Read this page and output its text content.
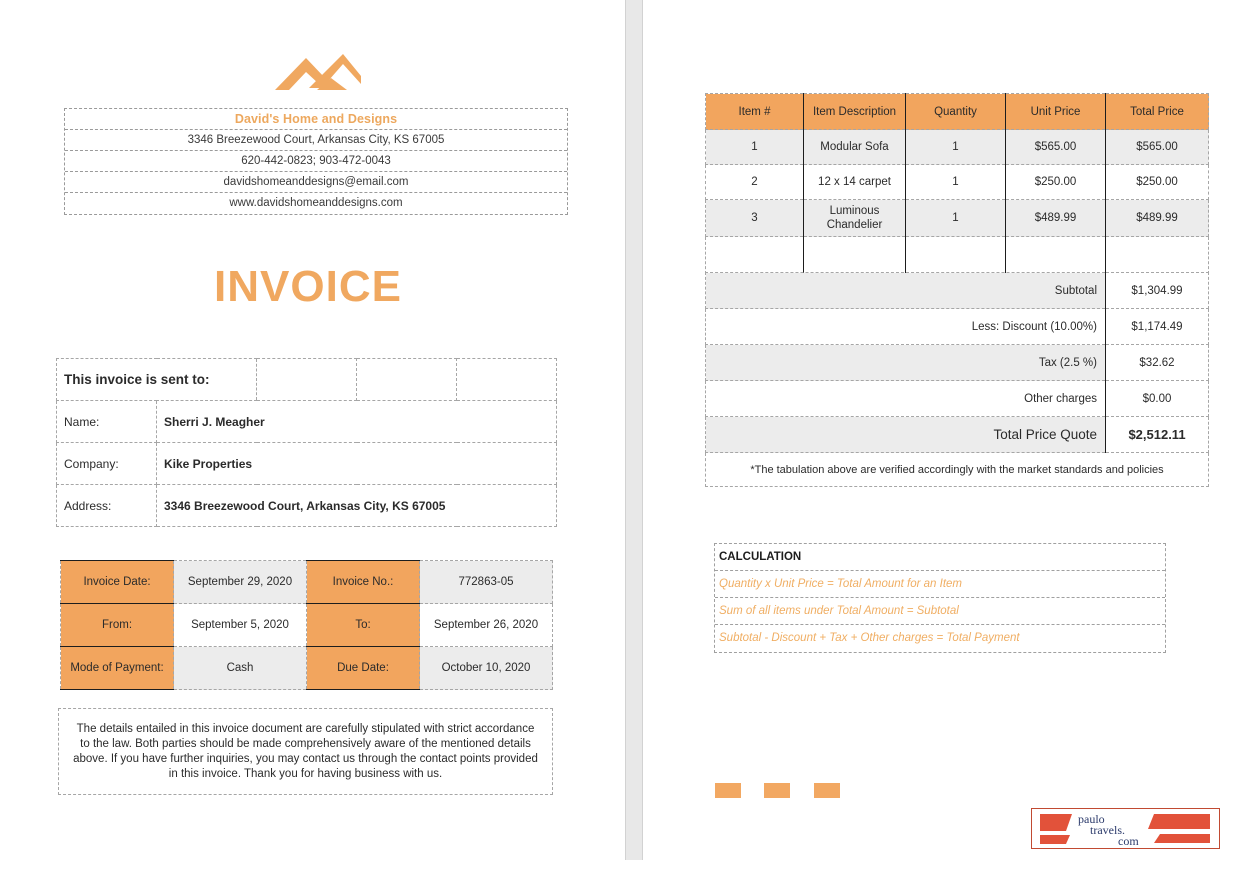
David's Home and Designs
3346 Breezewood Court, Arkansas City, KS 67005
620-442-0823; 903-472-0043
davidshomeanddesigns@email.com
www.davidshomeanddesigns.com
INVOICE
This invoice is sent to:				
Name:	Sherri J. Meagher			
Company:	Kike Properties			
Address:	3346 Breezewood Court, Arkansas City, KS 67005			
Invoice Date:	September 29, 2020	Invoice No.:	772863-05
From:	September 5, 2020	To:	September 26, 2020
Mode of Payment:	Cash	Due Date:	October 10, 2020
The details entailed in this invoice document are carefully stipulated with strict accordance to the law. Both parties should be made comprehensively aware of the mentioned details above. If you have further inquiries, you may contact us through the contact points provided in this invoice. Thank you for having business with us.
Item #	Item Description	Quantity	Unit Price	Total Price
1	Modular Sofa	1	$565.00	$565.00
2	12 x 14 carpet	1	$250.00	$250.00
3	Luminous Chandelier	1	$489.99	$489.99

Subtotal	$1,304.99
Less: Discount (10.00%)	$1,174.49
Tax (2.5 %)	$32.62
Other charges	$0.00
Total Price Quote	$2,512.11
*The tabulation above are verified accordingly with the market standards and policies	
CALCULATION
Quantity x Unit Price = Total Amount for an Item
Sum of all items under Total Amount = Subtotal
Subtotal - Discount + Tax + Other charges = Total Payment
paulo
travels.
com
